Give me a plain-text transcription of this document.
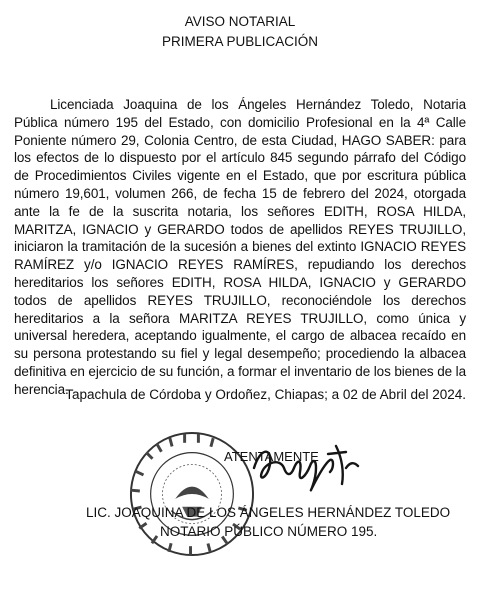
AVISO NOTARIAL
PRIMERA PUBLICACIÓN

Licenciada Joaquina de los Ángeles Hernández Toledo, Notaria Pública número 195 del Estado, con domicilio Profesional en la 4ª Calle Poniente número 29, Colonia Centro, de esta Ciudad, HAGO SABER: para los efectos de lo dispuesto por el artículo 845 segundo párrafo del Código de Procedimientos Civiles vigente en el Estado, que por escritura pública número 19,601, volumen 266, de fecha 15 de febrero del 2024, otorgada ante la fe de la suscrita notaria, los señores EDITH, ROSA HILDA, MARITZA, IGNACIO y GERARDO todos de apellidos REYES TRUJILLO, iniciaron la tramitación de la sucesión a bienes del extinto IGNACIO REYES RAMÍREZ y/o IGNACIO REYES RAMÍRES, repudiando los derechos hereditarios los señores EDITH, ROSA HILDA, IGNACIO y GERARDO todos de apellidos REYES TRUJILLO, reconociéndole los derechos hereditarios a la señora MARITZA REYES TRUJILLO, como única y universal heredera, aceptando igualmente, el cargo de albacea recaído en su persona protestando su fiel y legal desempeño; procediendo la albacea definitiva en ejercicio de su función, a formar el inventario de los bienes de la herencia.

Tapachula de Córdoba y Ordoñez, Chiapas; a 02 de Abril del 2024.
ATENTAMENTE
LIC. JOAQUINA DE LOS ÁNGELES HERNÁNDEZ TOLEDO
NOTARIO PÚBLICO NÚMERO 195.
